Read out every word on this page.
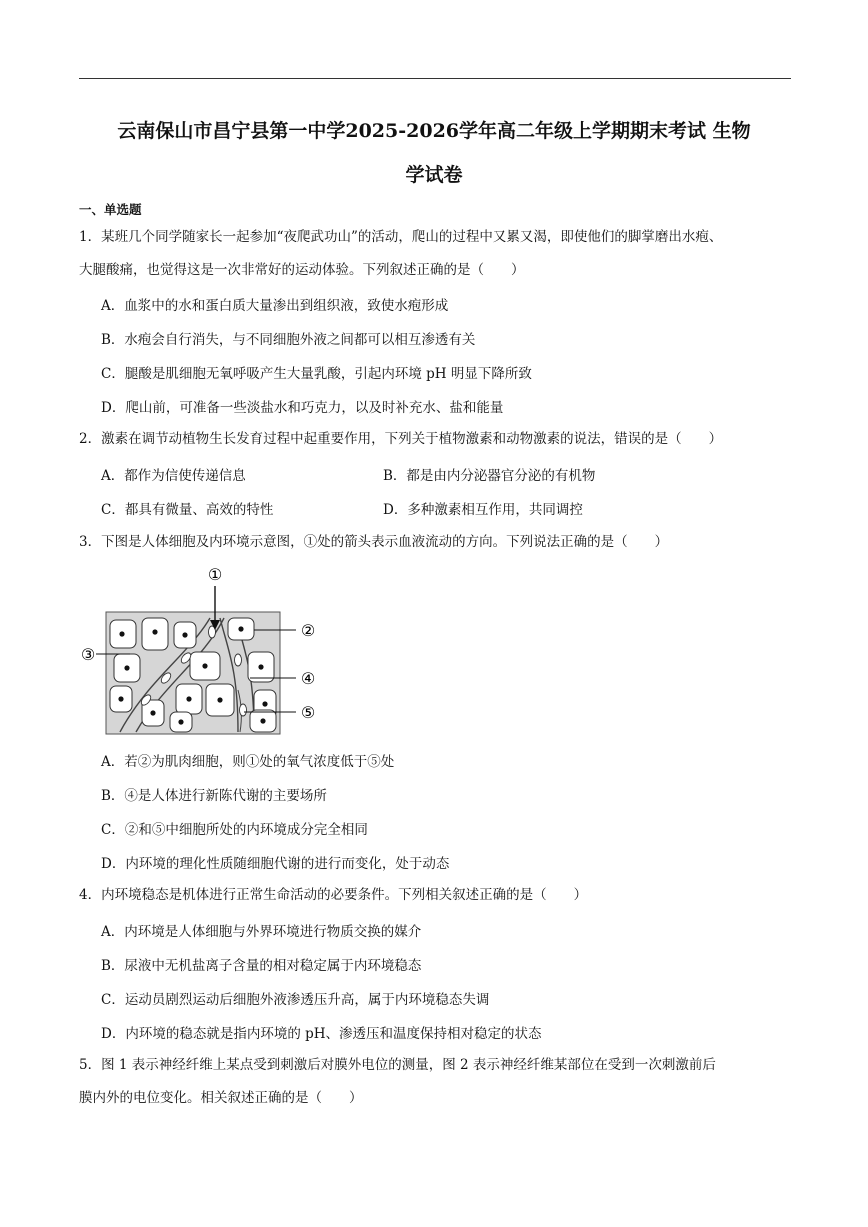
云南保山市昌宁县第一中学2025-2026学年高二年级上学期期末考试 生物
学试卷
一、单选题
1．某班几个同学随家长一起参加“夜爬武功山”的活动，爬山的过程中又累又渴，即使他们的脚掌磨出水疱、
大腿酸痛，也觉得这是一次非常好的运动体验。下列叙述正确的是（　　）
A．血浆中的水和蛋白质大量渗出到组织液，致使水疱形成
B．水疱会自行消失，与不同细胞外液之间都可以相互渗透有关
C．腿酸是肌细胞无氧呼吸产生大量乳酸，引起内环境 pH 明显下降所致
D．爬山前，可准备一些淡盐水和巧克力，以及时补充水、盐和能量
2．激素在调节动植物生长发育过程中起重要作用，下列关于植物激素和动物激素的说法，错误的是（　　）
A．都作为信使传递信息	B．都是由内分泌器官分泌的有机物
C．都具有微量、高效的特性	D．多种激素相互作用，共同调控
3．下图是人体细胞及内环境示意图，①处的箭头表示血液流动的方向。下列说法正确的是（　　）
①
②
③
④
⑤
A．若②为肌肉细胞，则①处的氧气浓度低于⑤处
B．④是人体进行新陈代谢的主要场所
C．②和⑤中细胞所处的内环境成分完全相同
D．内环境的理化性质随细胞代谢的进行而变化，处于动态
4．内环境稳态是机体进行正常生命活动的必要条件。下列相关叙述正确的是（　　）
A．内环境是人体细胞与外界环境进行物质交换的媒介
B．尿液中无机盐离子含量的相对稳定属于内环境稳态
C．运动员剧烈运动后细胞外液渗透压升高，属于内环境稳态失调
D．内环境的稳态就是指内环境的 pH、渗透压和温度保持相对稳定的状态
5．图 1 表示神经纤维上某点受到刺激后对膜外电位的测量，图 2 表示神经纤维某部位在受到一次刺激前后
膜内外的电位变化。相关叙述正确的是（　　）
